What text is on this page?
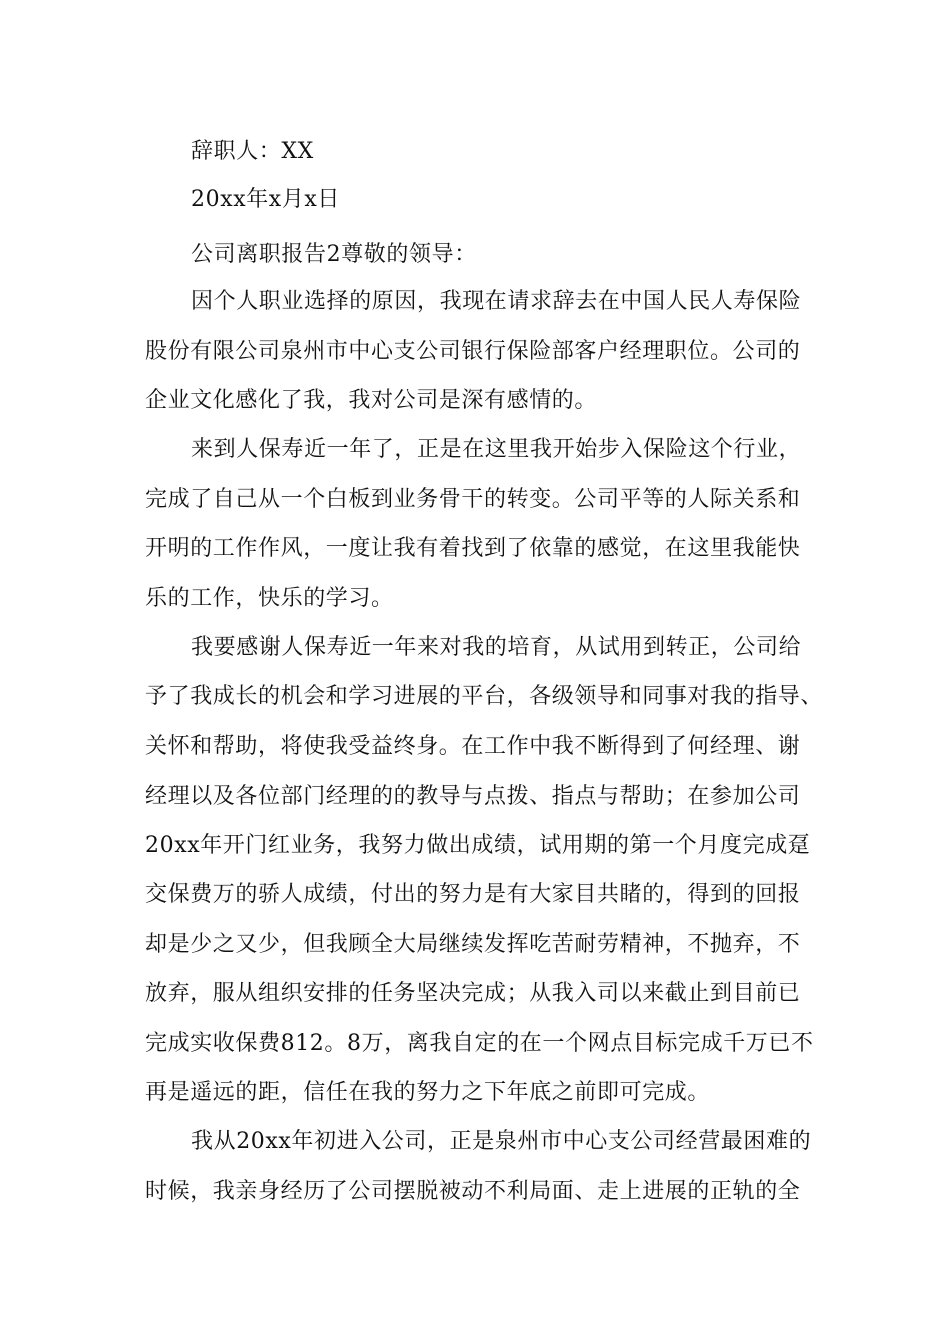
辞职人：XX
20xx年x月x日
公司离职报告2尊敬的领导：
因个人职业选择的原因，我现在请求辞去在中国人民人寿保险
股份有限公司泉州市中心支公司银行保险部客户经理职位。公司的
企业文化感化了我，我对公司是深有感情的。
来到人保寿近一年了，正是在这里我开始步入保险这个行业，
完成了自己从一个白板到业务骨干的转变。公司平等的人际关系和
开明的工作作风，一度让我有着找到了依靠的感觉，在这里我能快
乐的工作，快乐的学习。
我要感谢人保寿近一年来对我的培育，从试用到转正，公司给
予了我成长的机会和学习进展的平台，各级领导和同事对我的指导、
关怀和帮助，将使我受益终身。在工作中我不断得到了何经理、谢
经理以及各位部门经理的的教导与点拨、指点与帮助；在参加公司
20xx年开门红业务，我努力做出成绩，试用期的第一个月度完成趸
交保费万的骄人成绩，付出的努力是有大家目共睹的，得到的回报
却是少之又少，但我顾全大局继续发挥吃苦耐劳精神，不抛弃，不
放弃，服从组织安排的任务坚决完成；从我入司以来截止到目前已
完成实收保费812。8万，离我自定的在一个网点目标完成千万已不
再是遥远的距，信任在我的努力之下年底之前即可完成。
我从20xx年初进入公司，正是泉州市中心支公司经营最困难的
时候，我亲身经历了公司摆脱被动不利局面、走上进展的正轨的全
